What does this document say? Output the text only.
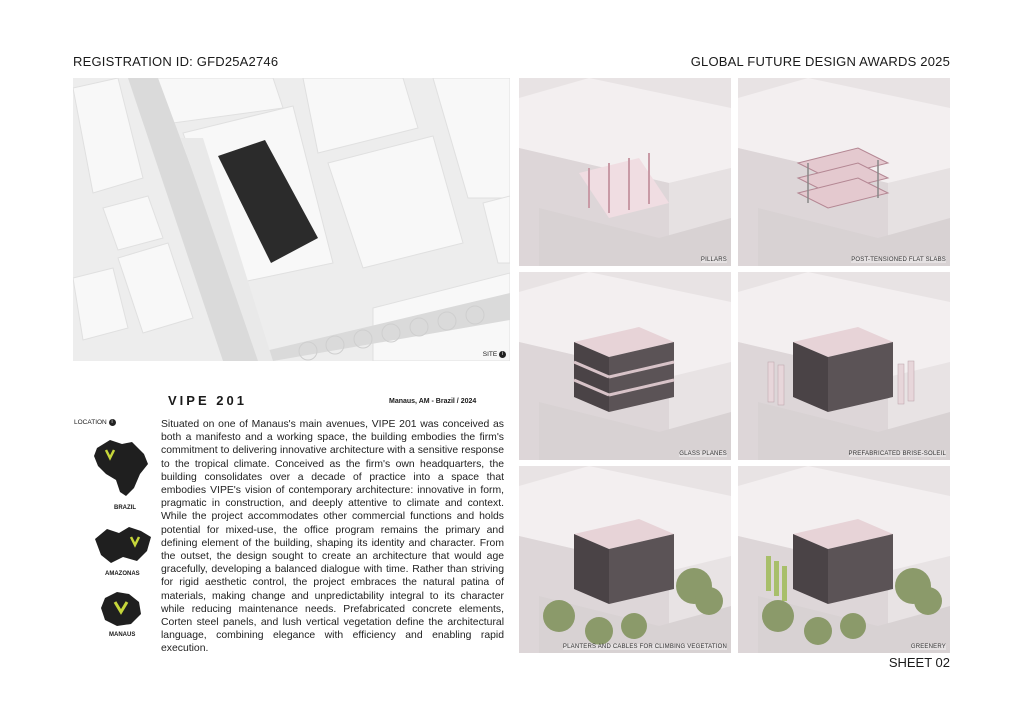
REGISTRATION ID: GFD25A2746	GLOBAL FUTURE DESIGN AWARDS 2025
SITE i
PILLARS	POST-TENSIONED FLAT SLABS
GLASS PLANES	PREFABRICATED BRISE-SOLEIL
PLANTERS AND CABLES FOR CLIMBING VEGETATION	GREENERY
VIPE 201	Manaus, AM - Brazil / 2024
Situated on one of Manaus's main avenues, VIPE 201 was conceived as both a manifesto and a working space, the building embodies the firm's commitment to delivering innovative architecture with a sensitive response to the tropical climate. Conceived as the firm's own headquarters, the building consolidates over a decade of practice into a space that embodies VIPE's vision of contemporary architecture: innovative in form, pragmatic in construction, and deeply attentive to climate and context. While the project accommodates other commercial functions and holds potential for mixed-use, the office program remains the primary and defining element of the building, shaping its identity and character. From the outset, the design sought to create an architecture that would age gracefully, developing a balanced dialogue with time. Rather than striving for rigid aesthetic control, the project embraces the natural patina of materials, making change and unpredictability integral to its character while reducing maintenance needs. Prefabricated concrete elements, Corten steel panels, and lush vertical vegetation define the architectural language, combining elegance with efficiency and enabling rapid execution.
LOCATION i
BRAZIL
AMAZONAS
MANAUS
SHEET 02
